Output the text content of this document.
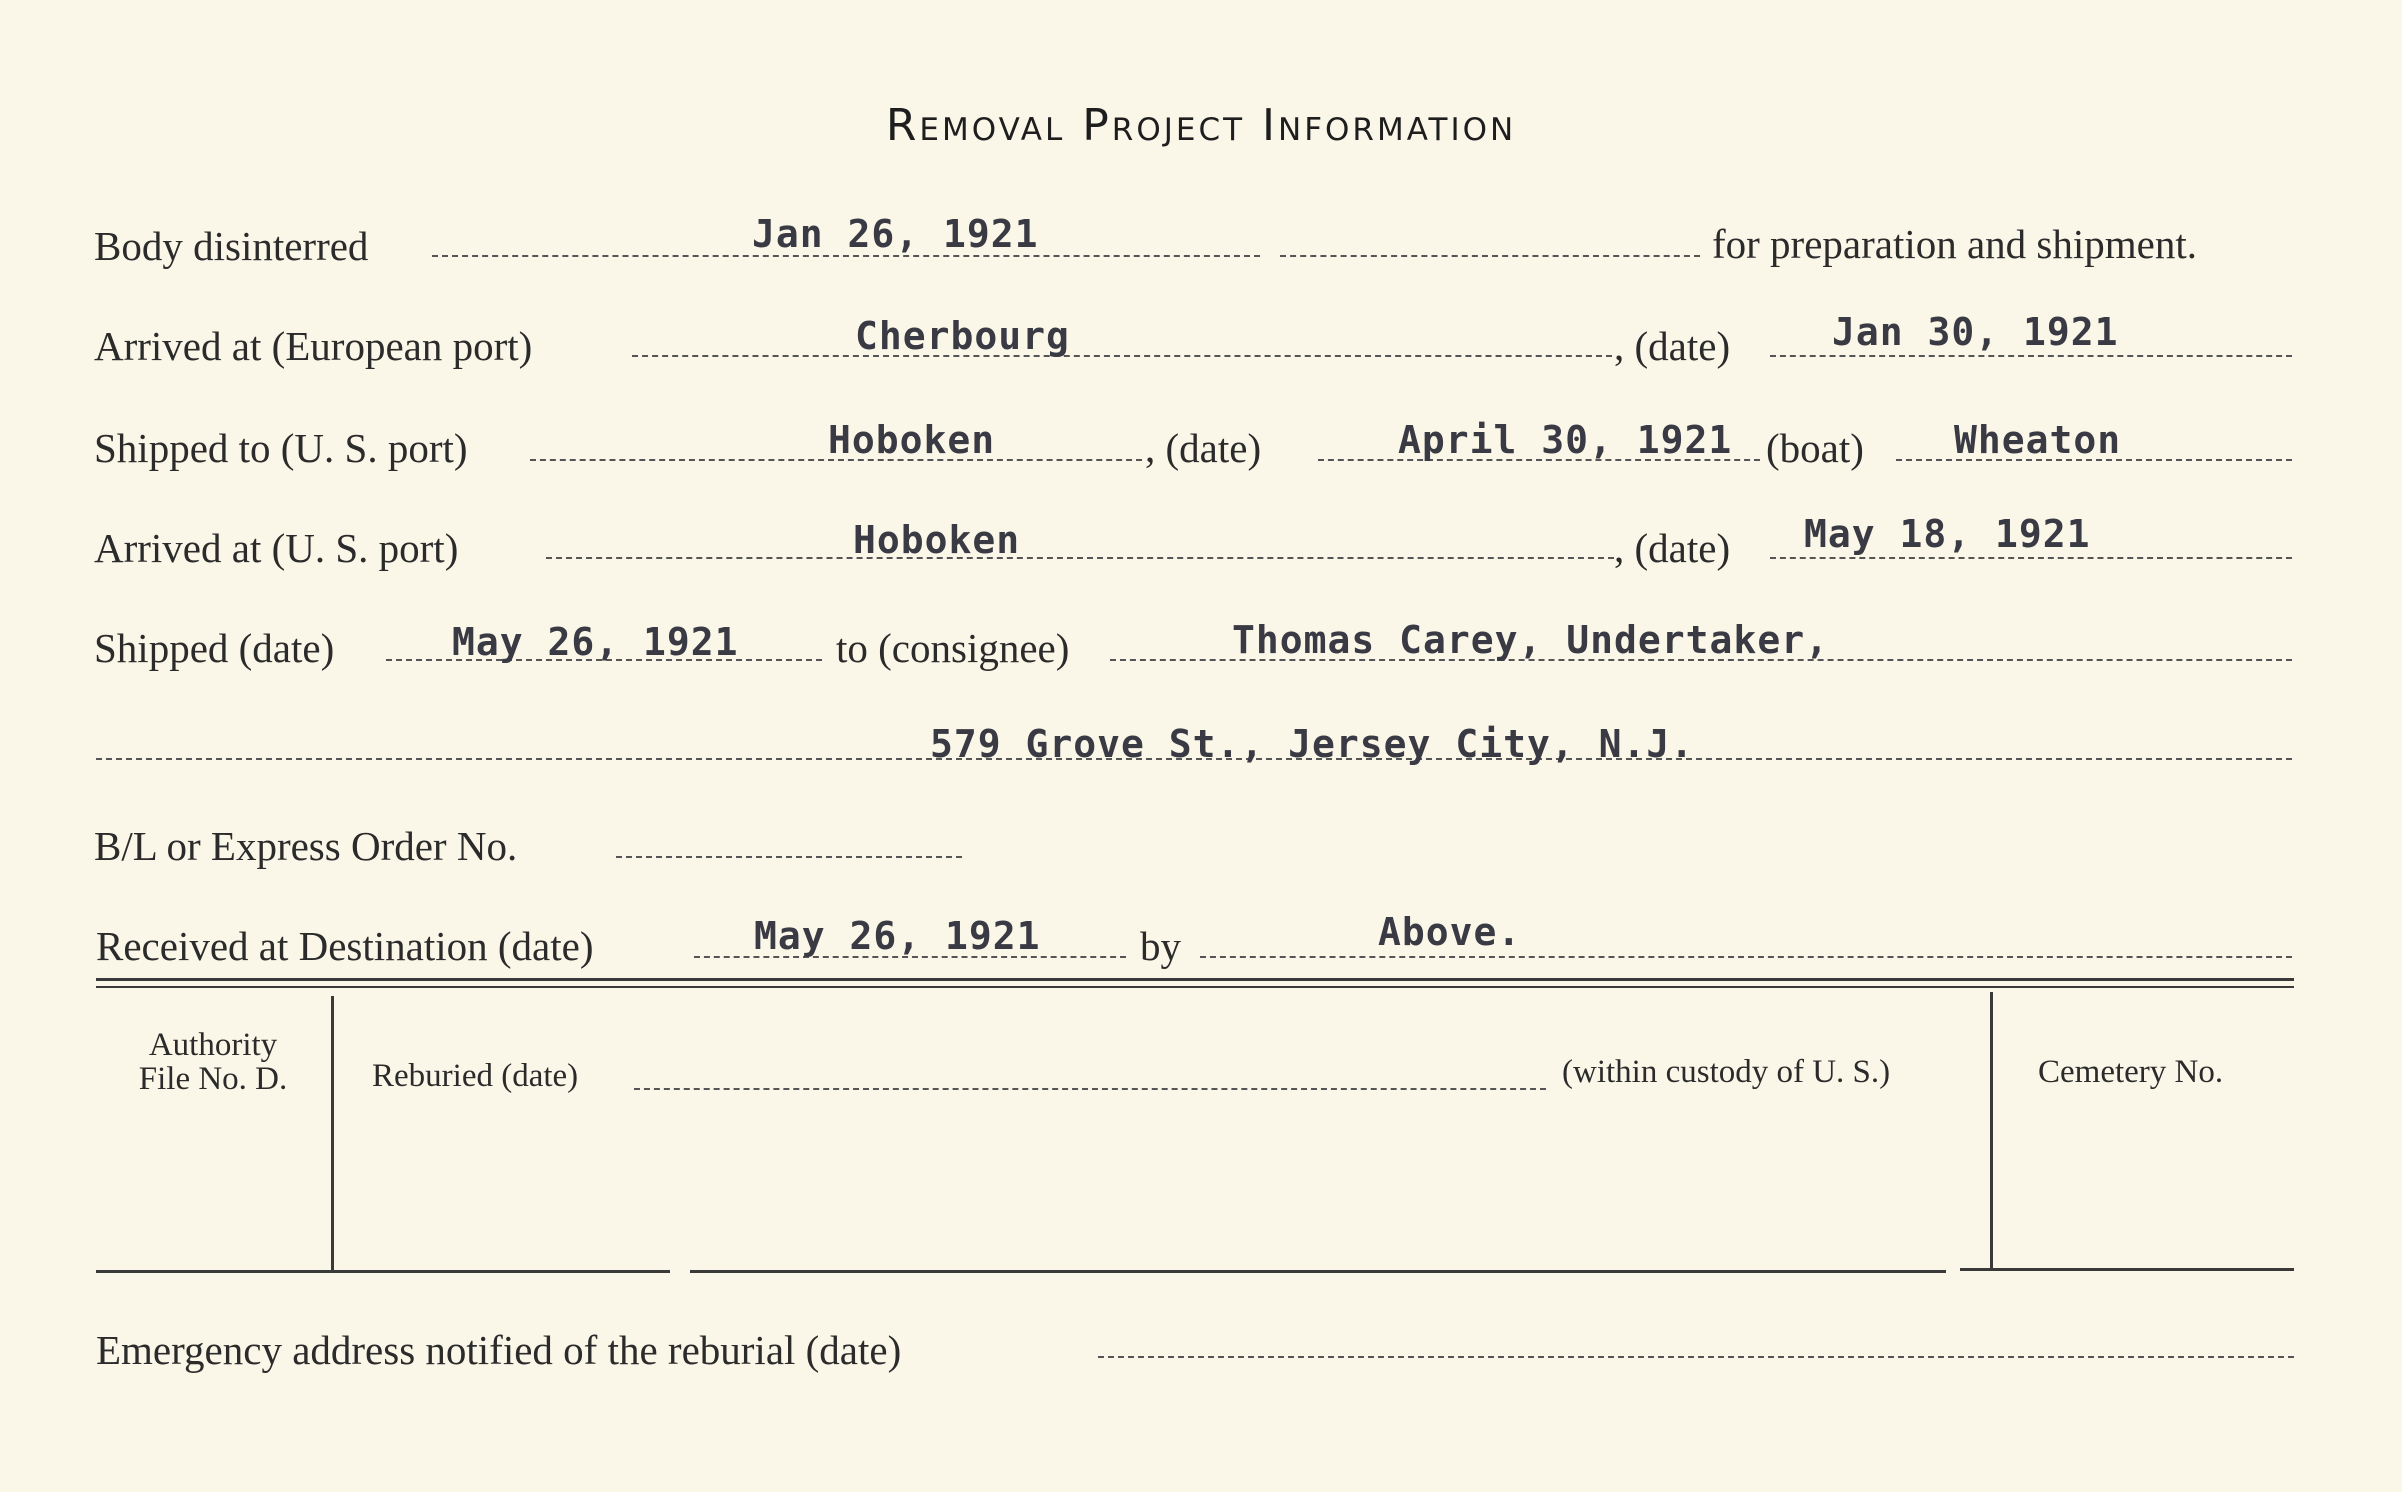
Removal Project Information
Body disinterred	Jan 26, 1921	for preparation and shipment.
Arrived at (European port)	Cherbourg	, (date)	Jan 30, 1921
Shipped to (U. S. port)	Hoboken	, (date)	April 30, 1921 (boat) Wheaton
Arrived at (U. S. port)	Hoboken	, (date) May 18, 1921
Shipped (date)	May 26, 1921 to (consignee)	Thomas Carey, Undertaker,
579 Grove St., Jersey City, N.J.
B/L or Express Order No.
Received at Destination (date)	May 26, 1921 by	Above.
Authority
File No. D.	Reburied (date)	(within custody of U. S.)	Cemetery No.
Emergency address notified of the reburial (date)
